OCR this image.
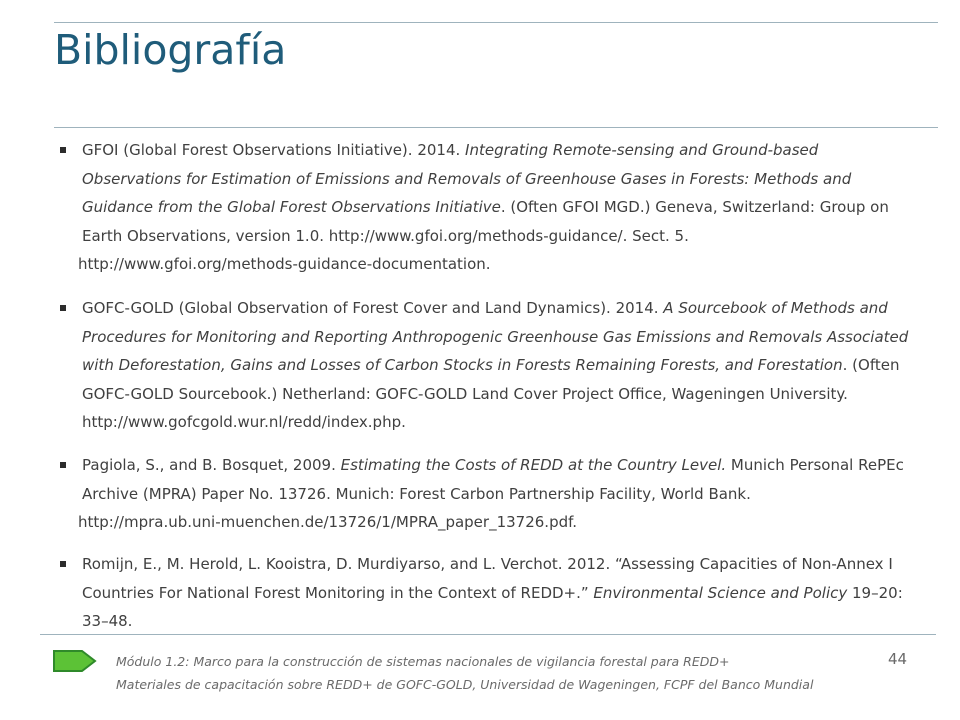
Bibliografía
GFOI (Global Forest Observations Initiative). 2014. Integrating Remote-sensing and Ground-based Observations for Estimation of Emissions and Removals of Greenhouse Gases in Forests: Methods and Guidance from the Global Forest Observations Initiative. (Often GFOI MGD.) Geneva, Switzerland: Group on Earth Observations, version 1.0. http://www.gfoi.org/methods-guidance/. Sect. 5.
http://www.gfoi.org/methods-guidance-documentation.
GOFC-GOLD (Global Observation of Forest Cover and Land Dynamics). 2014. A Sourcebook of Methods and Procedures for Monitoring and Reporting Anthropogenic Greenhouse Gas Emissions and Removals Associated with Deforestation, Gains and Losses of Carbon Stocks in Forests Remaining Forests, and Forestation. (Often GOFC-GOLD Sourcebook.) Netherland: GOFC-GOLD Land Cover Project Office, Wageningen University. http://www.gofcgold.wur.nl/redd/index.php.
Pagiola, S., and B. Bosquet, 2009. Estimating the Costs of REDD at the Country Level. Munich Personal RePEc Archive (MPRA) Paper No. 13726. Munich: Forest Carbon Partnership Facility, World Bank.
http://mpra.ub.uni-muenchen.de/13726/1/MPRA_paper_13726.pdf.
Romijn, E., M. Herold, L. Kooistra, D. Murdiyarso, and L. Verchot. 2012. “Assessing Capacities of Non-Annex I Countries For National Forest Monitoring in the Context of REDD+.” Environmental Science and Policy 19–20: 33–48.
Módulo 1.2: Marco para la construcción de sistemas nacionales de vigilancia forestal para REDD+
Materiales de capacitación sobre REDD+ de GOFC-GOLD, Universidad de Wageningen, FCPF del Banco Mundial
44
